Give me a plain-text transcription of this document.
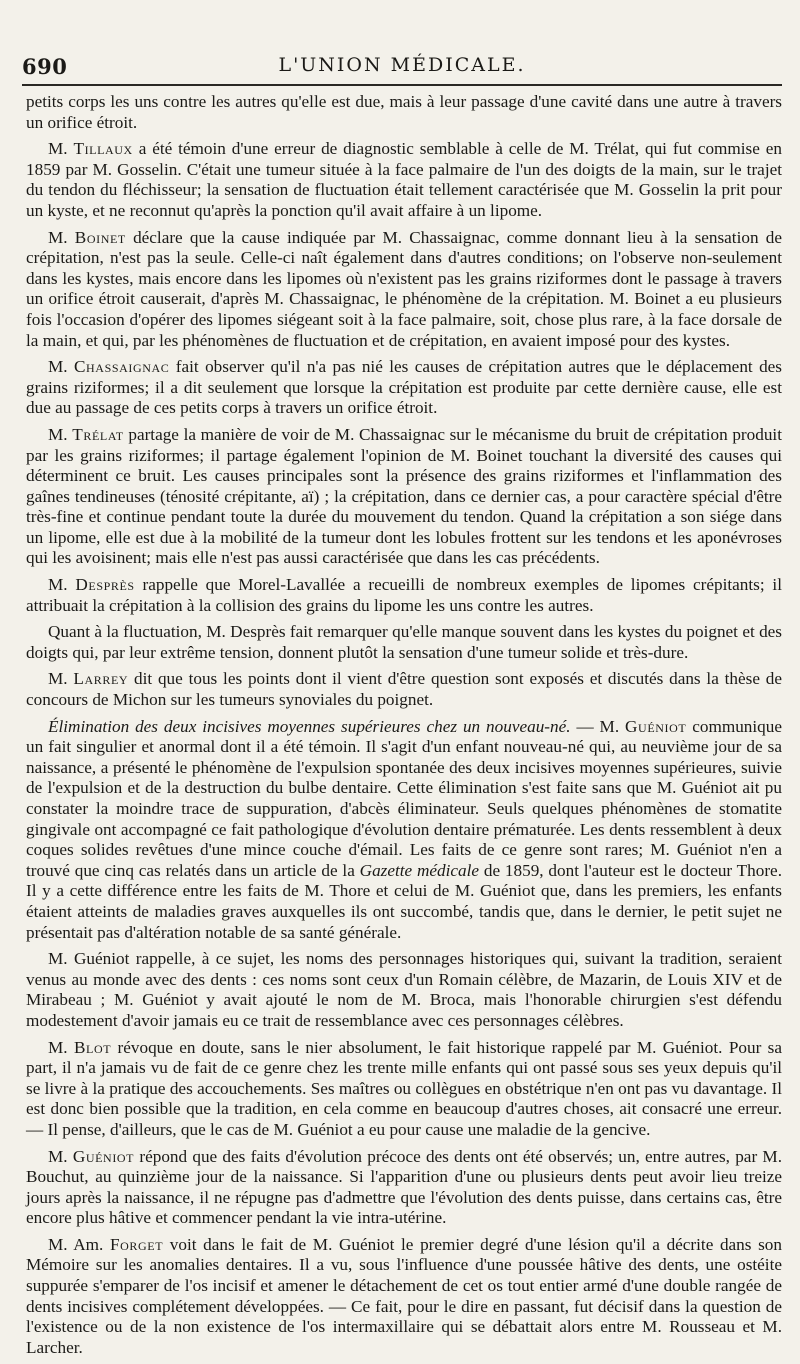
690	L'UNION MÉDICALE.

petits corps les uns contre les autres qu'elle est due, mais à leur passage d'une cavité dans une autre à travers un orifice étroit.

M. Tillaux a été témoin d'une erreur de diagnostic semblable à celle de M. Trélat, qui fut commise en 1859 par M. Gosselin. C'était une tumeur située à la face palmaire de l'un des doigts de la main, sur le trajet du tendon du fléchisseur; la sensation de fluctuation était tellement caractérisée que M. Gosselin la prit pour un kyste, et ne reconnut qu'après la ponction qu'il avait affaire à un lipome.

M. Boinet déclare que la cause indiquée par M. Chassaignac, comme donnant lieu à la sensation de crépitation, n'est pas la seule. Celle-ci naît également dans d'autres conditions; on l'observe non-seulement dans les kystes, mais encore dans les lipomes où n'existent pas les grains riziformes dont le passage à travers un orifice étroit causerait, d'après M. Chassaignac, le phénomène de la crépitation. M. Boinet a eu plusieurs fois l'occasion d'opérer des lipomes siégeant soit à la face palmaire, soit, chose plus rare, à la face dorsale de la main, et qui, par les phénomènes de fluctuation et de crépitation, en avaient imposé pour des kystes.

M. Chassaignac fait observer qu'il n'a pas nié les causes de crépitation autres que le déplacement des grains riziformes; il a dit seulement que lorsque la crépitation est produite par cette dernière cause, elle est due au passage de ces petits corps à travers un orifice étroit.

M. Trélat partage la manière de voir de M. Chassaignac sur le mécanisme du bruit de crépitation produit par les grains riziformes; il partage également l'opinion de M. Boinet touchant la diversité des causes qui déterminent ce bruit. Les causes principales sont la présence des grains riziformes et l'inflammation des gaînes tendineuses (ténosité crépitante, aï) ; la crépitation, dans ce dernier cas, a pour caractère spécial d'être très-fine et continue pendant toute la durée du mouvement du tendon. Quand la crépitation a son siége dans un lipome, elle est due à la mobilité de la tumeur dont les lobules frottent sur les tendons et les aponévroses qui les avoisinent; mais elle n'est pas aussi caractérisée que dans les cas précédents.

M. Desprès rappelle que Morel-Lavallée a recueilli de nombreux exemples de lipomes crépitants; il attribuait la crépitation à la collision des grains du lipome les uns contre les autres.

Quant à la fluctuation, M. Desprès fait remarquer qu'elle manque souvent dans les kystes du poignet et des doigts qui, par leur extrême tension, donnent plutôt la sensation d'une tumeur solide et très-dure.

M. Larrey dit que tous les points dont il vient d'être question sont exposés et discutés dans la thèse de concours de Michon sur les tumeurs synoviales du poignet.

Élimination des deux incisives moyennes supérieures chez un nouveau-né. — M. Guéniot communique un fait singulier et anormal dont il a été témoin. Il s'agit d'un enfant nouveau-né qui, au neuvième jour de sa naissance, a présenté le phénomène de l'expulsion spontanée des deux incisives moyennes supérieures, suivie de l'expulsion et de la destruction du bulbe dentaire. Cette élimination s'est faite sans que M. Guéniot ait pu constater la moindre trace de suppuration, d'abcès éliminateur. Seuls quelques phénomènes de stomatite gingivale ont accompagné ce fait pathologique d'évolution dentaire prématurée. Les dents ressemblent à deux coques solides revêtues d'une mince couche d'émail. Les faits de ce genre sont rares; M. Guéniot n'en a trouvé que cinq cas relatés dans un article de la Gazette médicale de 1859, dont l'auteur est le docteur Thore. Il y a cette différence entre les faits de M. Thore et celui de M. Guéniot que, dans les premiers, les enfants étaient atteints de maladies graves auxquelles ils ont succombé, tandis que, dans le dernier, le petit sujet ne présentait pas d'altération notable de sa santé générale.

M. Guéniot rappelle, à ce sujet, les noms des personnages historiques qui, suivant la tradition, seraient venus au monde avec des dents : ces noms sont ceux d'un Romain célèbre, de Mazarin, de Louis XIV et de Mirabeau ; M. Guéniot y avait ajouté le nom de M. Broca, mais l'honorable chirurgien s'est défendu modestement d'avoir jamais eu ce trait de ressemblance avec ces personnages célèbres.

M. Blot révoque en doute, sans le nier absolument, le fait historique rappelé par M. Guéniot. Pour sa part, il n'a jamais vu de fait de ce genre chez les trente mille enfants qui ont passé sous ses yeux depuis qu'il se livre à la pratique des accouchements. Ses maîtres ou collègues en obstétrique n'en ont pas vu davantage. Il est donc bien possible que la tradition, en cela comme en beaucoup d'autres choses, ait consacré une erreur. — Il pense, d'ailleurs, que le cas de M. Guéniot a eu pour cause une maladie de la gencive.

M. Guéniot répond que des faits d'évolution précoce des dents ont été observés; un, entre autres, par M. Bouchut, au quinzième jour de la naissance. Si l'apparition d'une ou plusieurs dents peut avoir lieu treize jours après la naissance, il ne répugne pas d'admettre que l'évolution des dents puisse, dans certains cas, être encore plus hâtive et commencer pendant la vie intra-utérine.

M. Am. Forget voit dans le fait de M. Guéniot le premier degré d'une lésion qu'il a décrite dans son Mémoire sur les anomalies dentaires. Il a vu, sous l'influence d'une poussée hâtive des dents, une ostéite suppurée s'emparer de l'os incisif et amener le détachement de cet os tout entier armé d'une double rangée de dents incisives complétement développées. — Ce fait, pour le dire en passant, fut décisif dans la question de l'existence ou de la non existence de l'os intermaxillaire qui se débattait alors entre M. Rousseau et M. Larcher.
